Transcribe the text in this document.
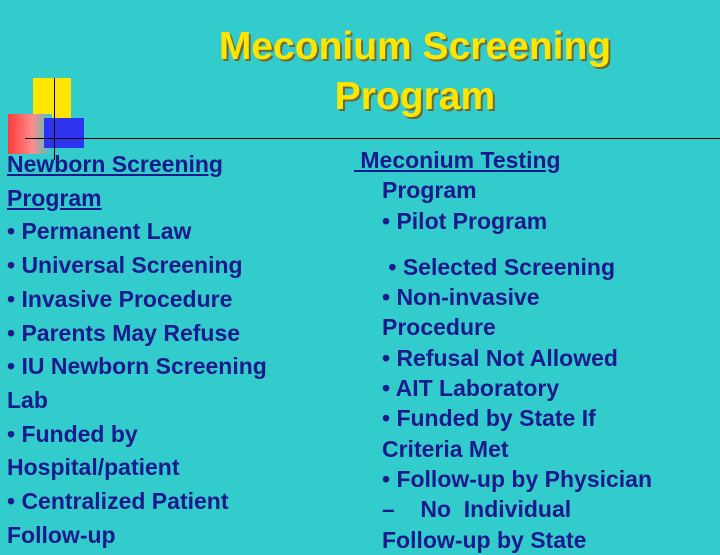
Meconium Screening
Program
Newborn Screening
Program
• Permanent Law
• Universal Screening
• Invasive Procedure
• Parents May Refuse
• IU Newborn Screening
Lab
• Funded by
Hospital/patient
• Centralized Patient
Follow-up
Meconium Testing
Program
• Pilot Program
• Selected Screening
• Non-invasive
Procedure
• Refusal Not Allowed
• AIT Laboratory
• Funded by State If
Criteria Met
• Follow-up by Physician
–    No  Individual
Follow-up by State
